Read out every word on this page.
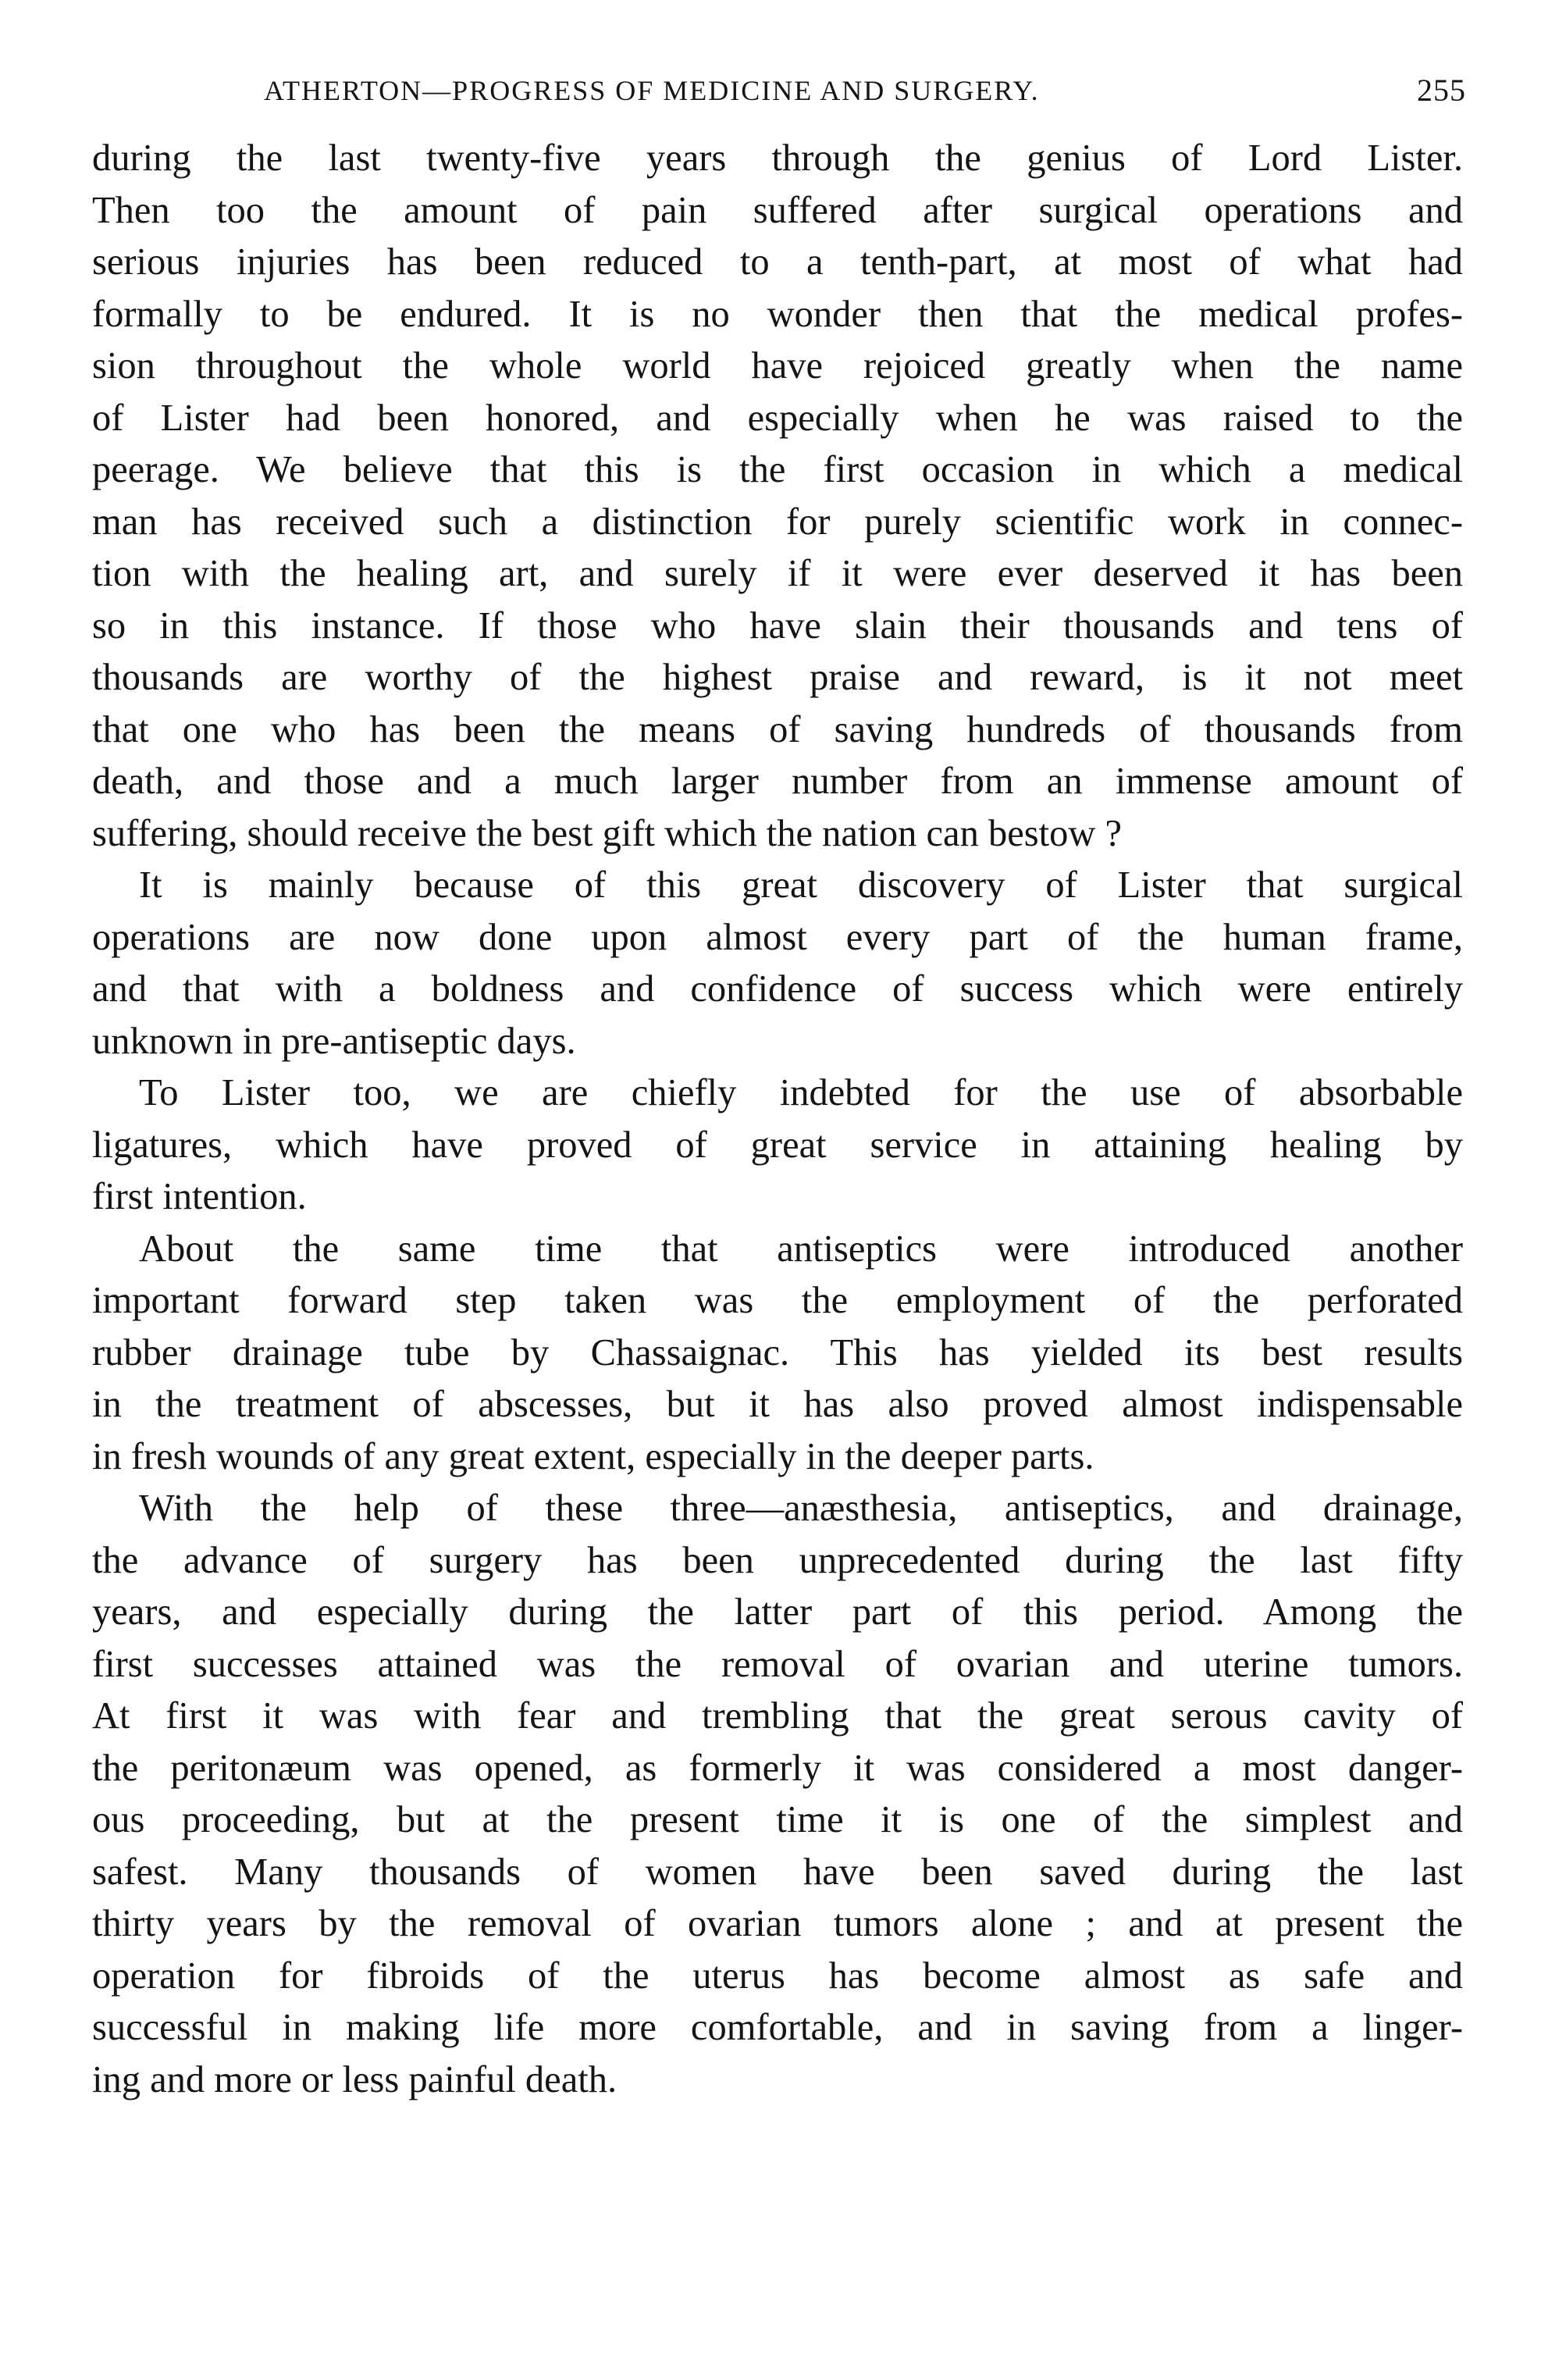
ATHERTON—PROGRESS OF MEDICINE AND SURGERY.	255
during the last twenty-five years through the genius of Lord Lister.
Then too the amount of pain suffered after surgical operations and
serious injuries has been reduced to a tenth-part, at most of what had
formally to be endured. It is no wonder then that the medical profes-
sion throughout the whole world have rejoiced greatly when the name
of Lister had been honored, and especially when he was raised to the
peerage. We believe that this is the first occasion in which a medical
man has received such a distinction for purely scientific work in connec-
tion with the healing art, and surely if it were ever deserved it has been
so in this instance. If those who have slain their thousands and tens of
thousands are worthy of the highest praise and reward, is it not meet
that one who has been the means of saving hundreds of thousands from
death, and those and a much larger number from an immense amount of
suffering, should receive the best gift which the nation can bestow ?
It is mainly because of this great discovery of Lister that surgical
operations are now done upon almost every part of the human frame,
and that with a boldness and confidence of success which were entirely
unknown in pre-antiseptic days.
To Lister too, we are chiefly indebted for the use of absorbable
ligatures, which have proved of great service in attaining healing by
first intention.
About the same time that antiseptics were introduced another
important forward step taken was the employment of the perforated
rubber drainage tube by Chassaignac. This has yielded its best results
in the treatment of abscesses, but it has also proved almost indispensable
in fresh wounds of any great extent, especially in the deeper parts.
With the help of these three—anæsthesia, antiseptics, and drainage,
the advance of surgery has been unprecedented during the last fifty
years, and especially during the latter part of this period. Among the
first successes attained was the removal of ovarian and uterine tumors.
At first it was with fear and trembling that the great serous cavity of
the peritonæum was opened, as formerly it was considered a most danger-
ous proceeding, but at the present time it is one of the simplest and
safest. Many thousands of women have been saved during the last
thirty years by the removal of ovarian tumors alone ; and at present the
operation for fibroids of the uterus has become almost as safe and
successful in making life more comfortable, and in saving from a linger-
ing and more or less painful death.
